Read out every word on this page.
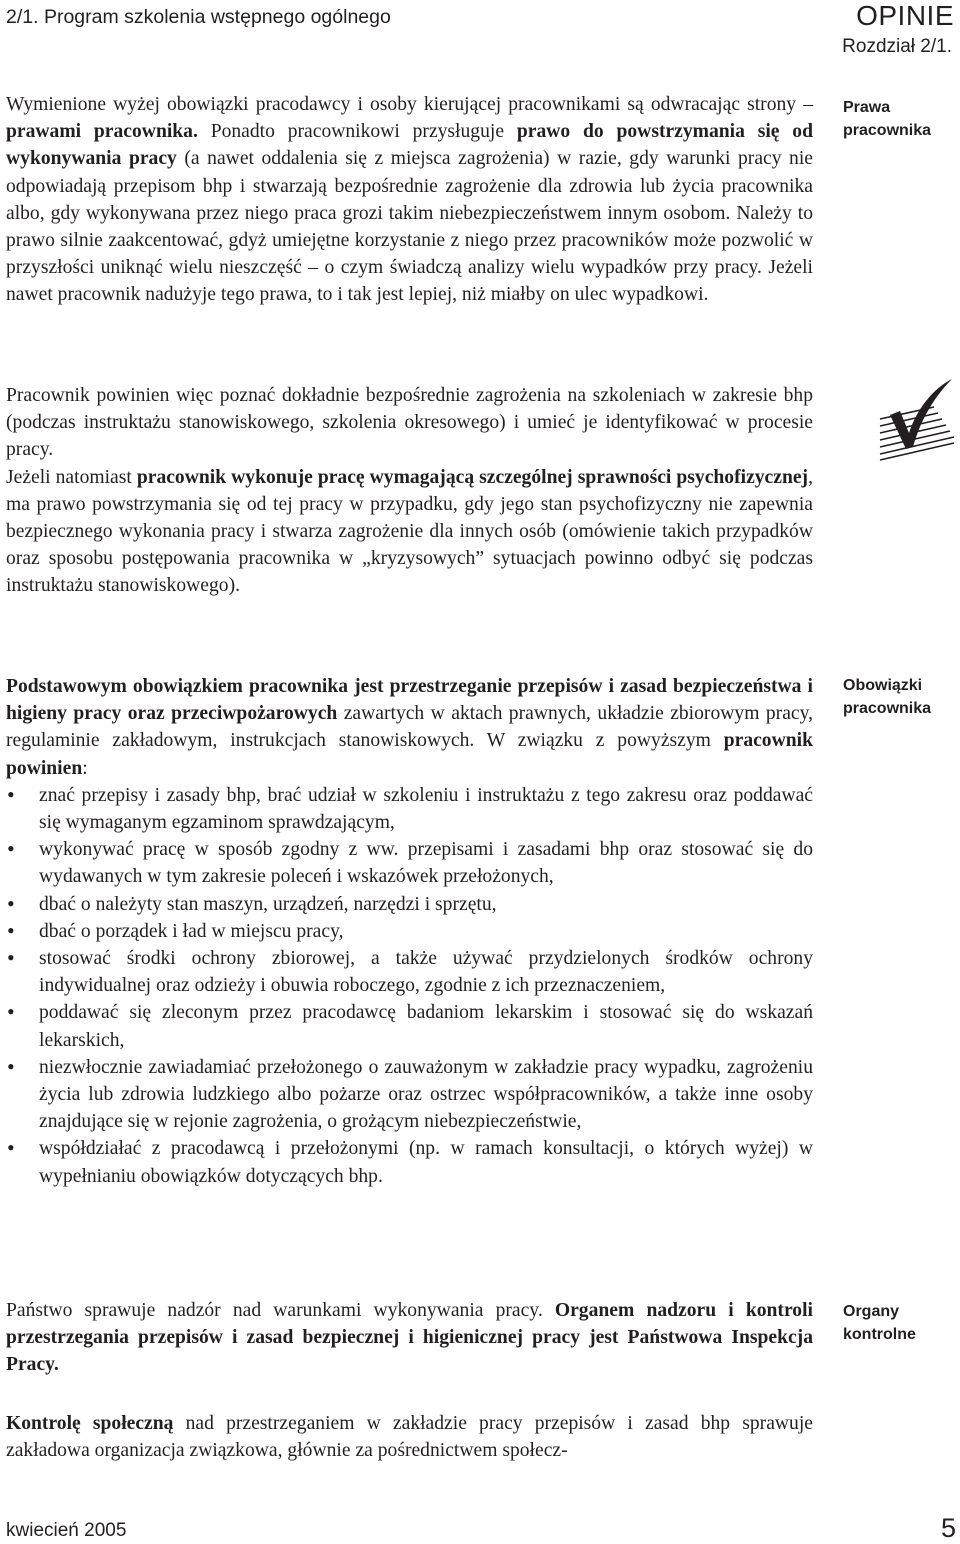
2/1. Program szkolenia wstępnego ogólnego	OPINIE
Rozdział 2/1.

Wymienione wyżej obowiązki pracodawcy i osoby kierującej pracownikami są odwracając strony – prawami pracownika. Ponadto pracownikowi przysługuje prawo do powstrzymania się od wykonywania pracy (a nawet oddalenia się z miejsca zagrożenia) w razie, gdy warunki pracy nie odpowiadają przepisom bhp i stwarzają bezpośrednie zagrożenie dla zdrowia lub życia pracownika albo, gdy wykonywana przez niego praca grozi takim niebezpieczeństwem innym osobom. Należy to prawo silnie zaakcentować, gdyż umiejętne korzystanie z niego przez pracowników może pozwolić w przyszłości uniknąć wielu nieszczęść – o czym świadczą analizy wielu wypadków przy pracy. Jeżeli nawet pracownik nadużyje tego prawa, to i tak jest lepiej, niż miałby on ulec wypadkowi.

Pracownik powinien więc poznać dokładnie bezpośrednie zagrożenia na szkoleniach w zakresie bhp (podczas instruktażu stanowiskowego, szkolenia okresowego) i umieć je identyfikować w procesie pracy.

Jeżeli natomiast pracownik wykonuje pracę wymagającą szczególnej sprawności psychofizycznej, ma prawo powstrzymania się od tej pracy w przypadku, gdy jego stan psychofizyczny nie zapewnia bezpiecznego wykonania pracy i stwarza zagrożenie dla innych osób (omówienie takich przypadków oraz sposobu postępowania pracownika w „kryzysowych” sytuacjach powinno odbyć się podczas instruktażu stanowiskowego).

Prawa
pracownika

Podstawowym obowiązkiem pracownika jest przestrzeganie przepisów i zasad bezpieczeństwa i higieny pracy oraz przeciwpożarowych zawartych w aktach prawnych, układzie zbiorowym pracy, regulaminie zakładowym, instrukcjach stanowiskowych. W związku z powyższym pracownik powinien:

• znać przepisy i zasady bhp, brać udział w szkoleniu i instruktażu z tego zakresu oraz poddawać się wymaganym egzaminom sprawdzającym,
• wykonywać pracę w sposób zgodny z ww. przepisami i zasadami bhp oraz stosować się do wydawanych w tym zakresie poleceń i wskazówek przełożonych,
• dbać o należyty stan maszyn, urządzeń, narzędzi i sprzętu,
• dbać o porządek i ład w miejscu pracy,
• stosować środki ochrony zbiorowej, a także używać przydzielonych środków ochrony indywidualnej oraz odzieży i obuwia roboczego, zgodnie z ich przeznaczeniem,
• poddawać się zleconym przez pracodawcę badaniom lekarskim i stosować się do wskazań lekarskich,
• niezwłocznie zawiadamiać przełożonego o zauważonym w zakładzie pracy wypadku, zagrożeniu życia lub zdrowia ludzkiego albo pożarze oraz ostrzec współpracowników, a także inne osoby znajdujące się w rejonie zagrożenia, o grożącym niebezpieczeństwie,
• współdziałać z pracodawcą i przełożonymi (np. w ramach konsultacji, o których wyżej) w wypełnianiu obowiązków dotyczących bhp.
Obowiązki
pracownika

Państwo sprawuje nadzór nad warunkami wykonywania pracy. Organem nadzoru i kontroli przestrzegania przepisów i zasad bezpiecznej i higienicznej pracy jest Państwowa Inspekcja Pracy.

Kontrolę społeczną nad przestrzeganiem w zakładzie pracy przepisów i zasad bhp sprawuje zakładowa organizacja związkowa, głównie za pośrednictwem społecz-

Organy
kontrolne
kwiecień 2005	5
